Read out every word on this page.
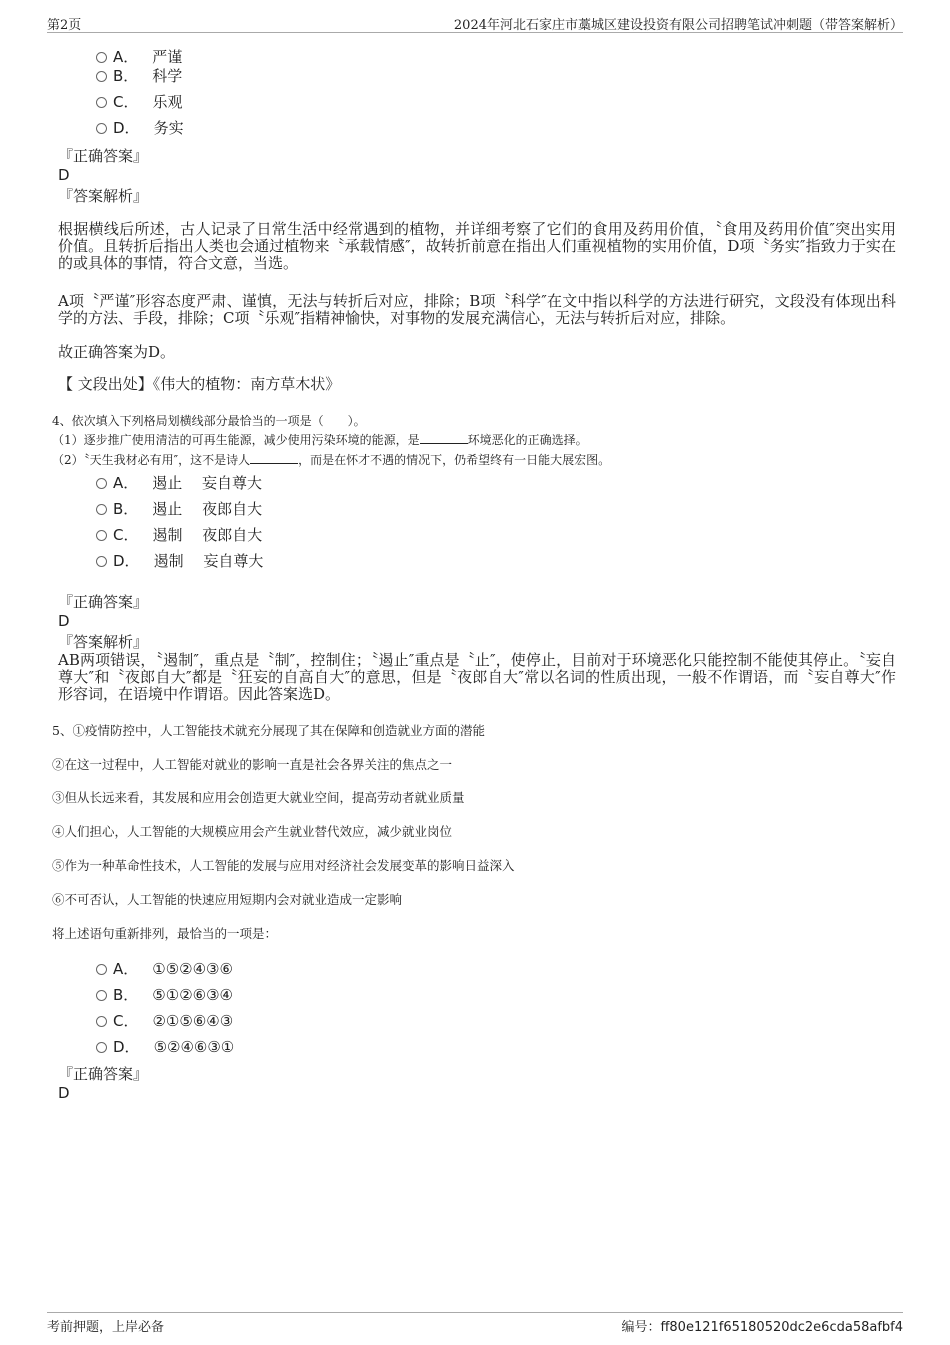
第2页	2024年河北石家庄市藁城区建设投资有限公司招聘笔试冲刺题（带答案解析）
A． 严谨
B． 科学
C． 乐观
D． 务实
『正确答案』
D
『答案解析』
根据横线后所述，古人记录了日常生活中经常遇到的植物，并详细考察了它们的食用及药用价值，〝食用及药用价值″突出实用价值。且转折后指出人类也会通过植物来〝承载情感″，故转折前意在指出人们重视植物的实用价值，D项〝务实″指致力于实在的或具体的事情，符合文意，当选。
A项〝严谨″形容态度严肃、谨慎，无法与转折后对应，排除；B项〝科学″在文中指以科学的方法进行研究，文段没有体现出科学的方法、手段，排除；C项〝乐观″指精神愉快，对事物的发展充满信心，无法与转折后对应，排除。
故正确答案为D。
【 文段出处】《伟大的植物：南方草木状》
4、依次填入下列格局划横线部分最恰当的一项是（　　）。
（1）逐步推广使用清洁的可再生能源，减少使用污染环境的能源，是	环境恶化的正确选择。
（2）〝天生我材必有用″，这不是诗人	，而是在怀才不遇的情况下，仍希望终有一日能大展宏图。
A． 遏止　 妄自尊大
B． 遏止　 夜郎自大
C． 遏制　 夜郎自大
D． 遏制　 妄自尊大
『正确答案』
D
『答案解析』
AB两项错误，〝遏制″，重点是〝制″，控制住；〝遏止″重点是〝止″，使停止，目前对于环境恶化只能控制不能使其停止。〝妄自尊大″和〝夜郎自大″都是〝狂妄的自高自大″的意思，但是〝夜郎自大″常以名词的性质出现，一般不作谓语，而〝妄自尊大″作形容词，在语境中作谓语。因此答案选D。
5、①疫情防控中，人工智能技术就充分展现了其在保障和创造就业方面的潜能
②在这一过程中，人工智能对就业的影响一直是社会各界关注的焦点之一
③但从长远来看，其发展和应用会创造更大就业空间，提高劳动者就业质量
④人们担心，人工智能的大规模应用会产生就业替代效应，减少就业岗位
⑤作为一种革命性技术，人工智能的发展与应用对经济社会发展变革的影响日益深入
⑥不可否认，人工智能的快速应用短期内会对就业造成一定影响
将上述语句重新排列，最恰当的一项是：
A． ①⑤②④③⑥
B． ⑤①②⑥③④
C． ②①⑤⑥④③
D． ⑤②④⑥③①
『正确答案』
D
考前押题，上岸必备	编号：ff80e121f65180520dc2e6cda58afbf4
